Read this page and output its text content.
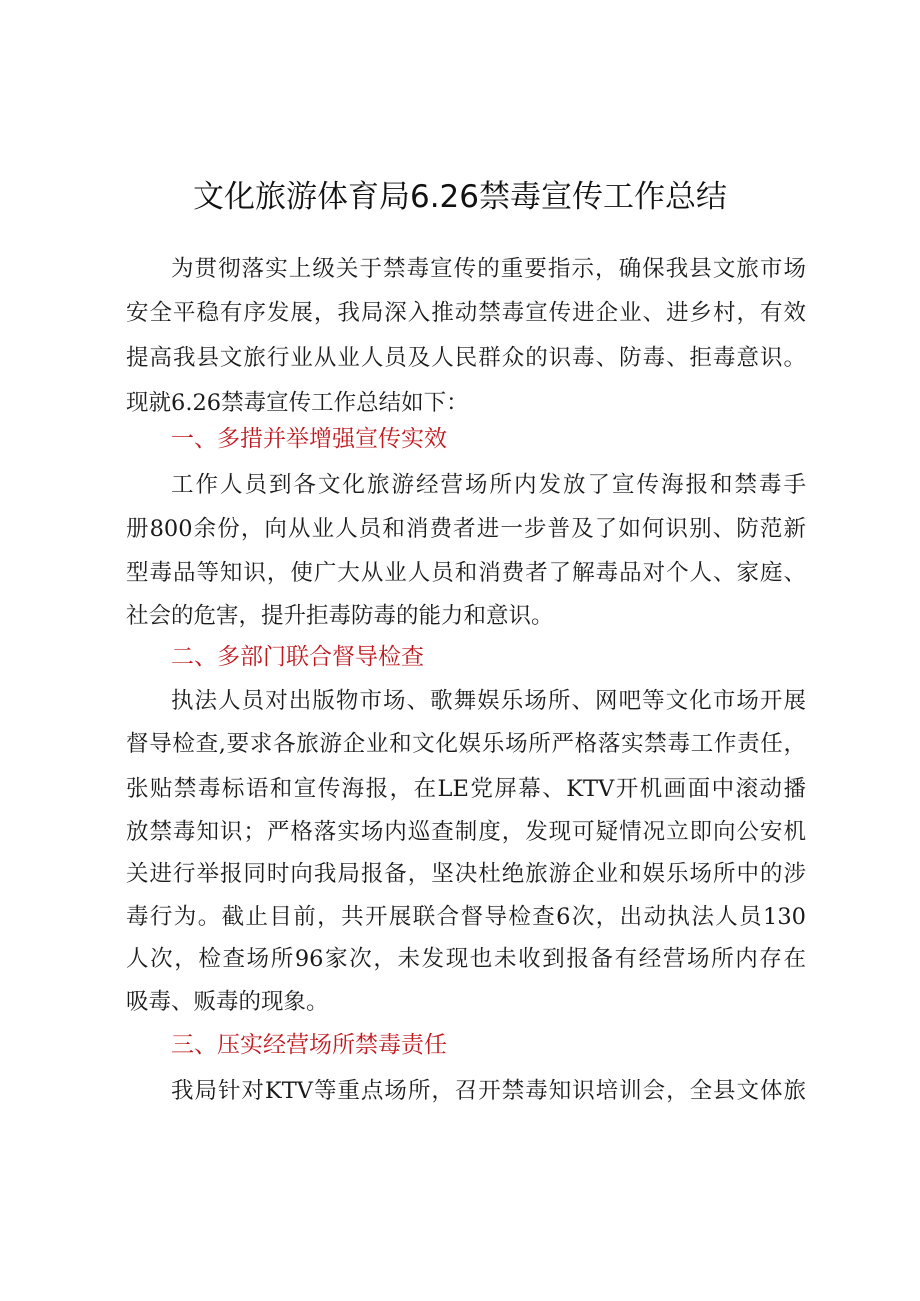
文化旅游体育局6.26禁毒宣传工作总结
为贯彻落实上级关于禁毒宣传的重要指示，确保我县文旅市场
安全平稳有序发展，我局深入推动禁毒宣传进企业、进乡村，有效
提高我县文旅行业从业人员及人民群众的识毒、防毒、拒毒意识。
现就6.26禁毒宣传工作总结如下：
一、多措并举增强宣传实效
工作人员到各文化旅游经营场所内发放了宣传海报和禁毒手
册800余份，向从业人员和消费者进一步普及了如何识别、防范新
型毒品等知识，使广大从业人员和消费者了解毒品对个人、家庭、
社会的危害，提升拒毒防毒的能力和意识。
二、多部门联合督导检查
执法人员对出版物市场、歌舞娱乐场所、网吧等文化市场开展
督导检查,要求各旅游企业和文化娱乐场所严格落实禁毒工作责任，
张贴禁毒标语和宣传海报，在LE党屏幕、KTV开机画面中滚动播
放禁毒知识；严格落实场内巡查制度，发现可疑情况立即向公安机
关进行举报同时向我局报备，坚决杜绝旅游企业和娱乐场所中的涉
毒行为。截止目前，共开展联合督导检查6次，出动执法人员130
人次，检查场所96家次，未发现也未收到报备有经营场所内存在
吸毒、贩毒的现象。
三、压实经营场所禁毒责任
我局针对KTV等重点场所，召开禁毒知识培训会，全县文体旅
